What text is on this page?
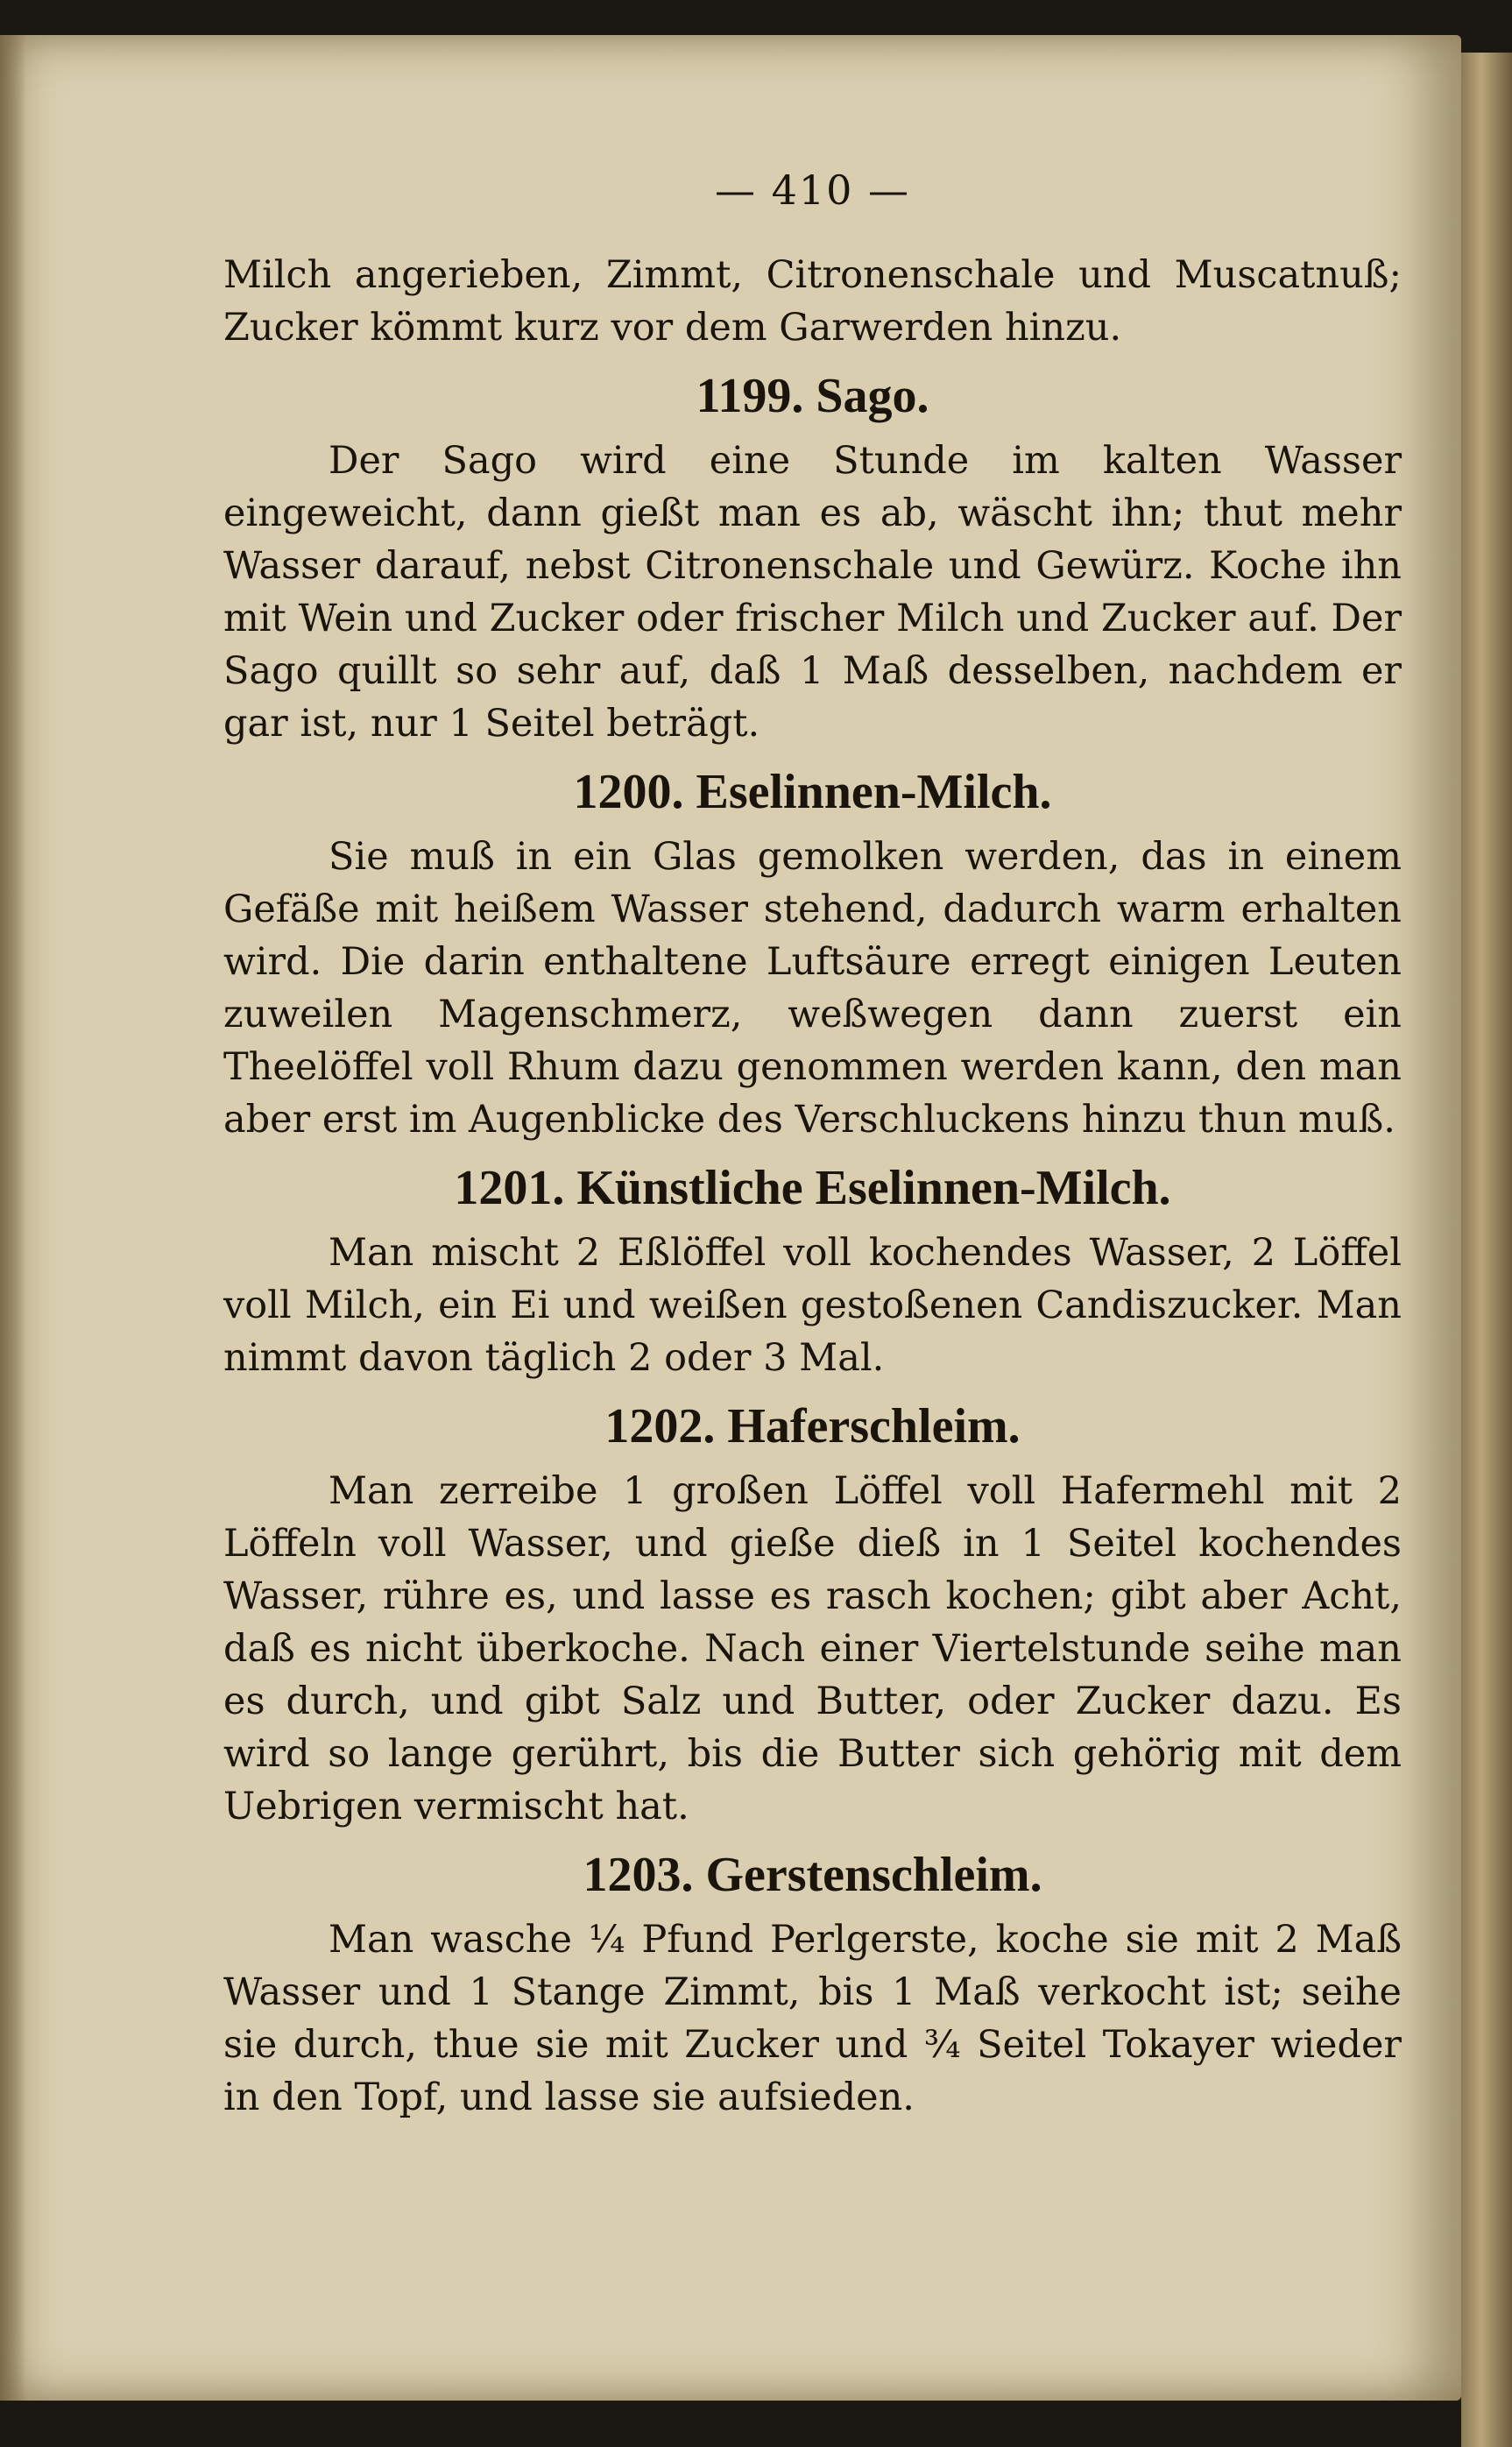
— 410 —

Milch angerieben, Zimmt, Citronenschale und Muscatnuß; Zucker kömmt kurz vor dem Garwerden hinzu.

1199. Sago.

Der Sago wird eine Stunde im kalten Wasser eingeweicht, dann gießt man es ab, wäscht ihn; thut mehr Wasser darauf, nebst Citronenschale und Gewürz. Koche ihn mit Wein und Zucker oder frischer Milch und Zucker auf. Der Sago quillt so sehr auf, daß 1 Maß desselben, nachdem er gar ist, nur 1 Seitel beträgt.

1200. Eselinnen-Milch.

Sie muß in ein Glas gemolken werden, das in einem Gefäße mit heißem Wasser stehend, dadurch warm erhalten wird. Die darin enthaltene Luftsäure erregt einigen Leuten zuweilen Magenschmerz, weßwegen dann zuerst ein Theelöffel voll Rhum dazu genommen werden kann, den man aber erst im Augenblicke des Verschluckens hinzu thun muß.

1201. Künstliche Eselinnen-Milch.

Man mischt 2 Eßlöffel voll kochendes Wasser, 2 Löffel voll Milch, ein Ei und weißen gestoßenen Candiszucker. Man nimmt davon täglich 2 oder 3 Mal.

1202. Haferschleim.

Man zerreibe 1 großen Löffel voll Hafermehl mit 2 Löffeln voll Wasser, und gieße dieß in 1 Seitel kochendes Wasser, rühre es, und lasse es rasch kochen; gibt aber Acht, daß es nicht überkoche. Nach einer Viertelstunde seihe man es durch, und gibt Salz und Butter, oder Zucker dazu. Es wird so lange gerührt, bis die Butter sich gehörig mit dem Uebrigen vermischt hat.

1203. Gerstenschleim.

Man wasche ¼ Pfund Perlgerste, koche sie mit 2 Maß Wasser und 1 Stange Zimmt, bis 1 Maß verkocht ist; seihe sie durch, thue sie mit Zucker und ¾ Seitel Tokayer wieder in den Topf, und lasse sie aufsieden.
